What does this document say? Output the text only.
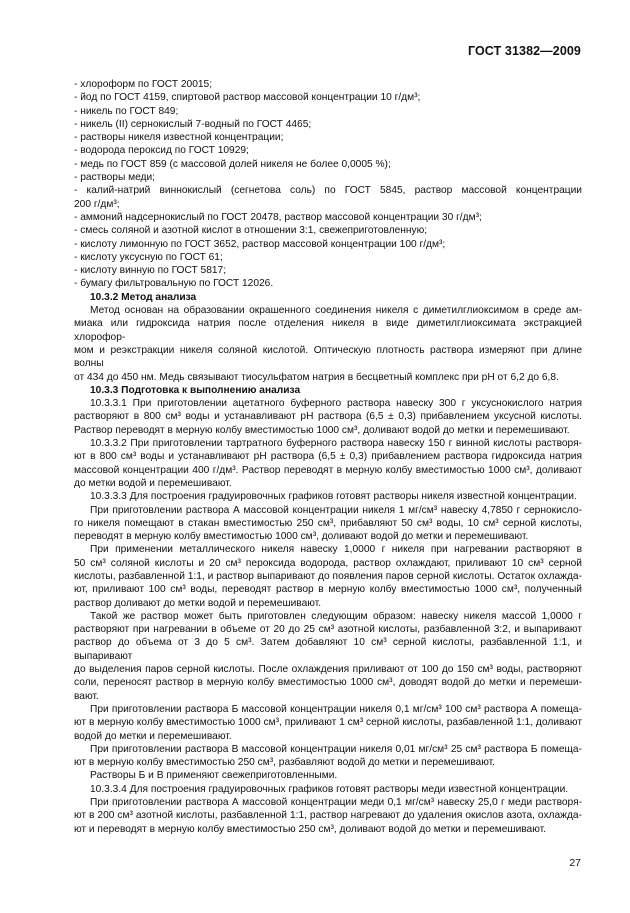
ГОСТ 31382—2009
- хлороформ по ГОСТ 20015;
- йод по ГОСТ 4159, спиртовой раствор массовой концентрации 10 г/дм³;
- никель по ГОСТ 849;
- никель (II) сернокислый 7-водный по ГОСТ 4465;
- растворы никеля известной концентрации;
- водорода пероксид по ГОСТ 10929;
- медь по ГОСТ 859 (с массовой долей никеля не более 0,0005 %);
- растворы меди;
- калий-натрий виннокислый (сегнетова соль) по ГОСТ 5845, раствор массовой концентрации
200 г/дм³;
- аммоний надсернокислый по ГОСТ 20478, раствор массовой концентрации 30 г/дм³;
- смесь соляной и азотной кислот в отношении 3:1, свежеприготовленную;
- кислоту лимонную по ГОСТ 3652, раствор массовой концентрации 100 г/дм³;
- кислоту уксусную по ГОСТ 61;
- кислоту винную по ГОСТ 5817;
- бумагу фильтровальную по ГОСТ 12026.
10.3.2 Метод анализа
Метод основан на образовании окрашенного соединения никеля с диметилглиоксимом в среде ам-
миака или гидроксида натрия после отделения никеля в виде диметилглиоксимата экстракцией хлорофор-
мом и реэкстракции никеля соляной кислотой. Оптическую плотность раствора измеряют при длине волны
от 434 до 450 нм. Медь связывают тиосульфатом натрия в бесцветный комплекс при pH от 6,2 до 6,8.
10.3.3 Подготовка к выполнению анализа
10.3.3.1 При приготовлении ацетатного буферного раствора навеску 300 г уксуснокислого натрия
растворяют в 800 см³ воды и устанавливают pH раствора (6,5 ± 0,3) прибавлением уксусной кислоты.
Раствор переводят в мерную колбу вместимостью 1000 см³, доливают водой до метки и перемешивают.
10.3.3.2 При приготовлении тартратного буферного раствора навеску 150 г винной кислоты растворя-
ют в 800 см³ воды и устанавливают pH раствора (6,5 ± 0,3) прибавлением раствора гидроксида натрия
массовой концентрации 400 г/дм³. Раствор переводят в мерную колбу вместимостью 1000 см³, доливают
до метки водой и перемешивают.
10.3.3.3 Для построения градуировочных графиков готовят растворы никеля известной концентрации.
При приготовлении раствора А массовой концентрации никеля 1 мг/см³ навеску 4,7850 г сернокисло-
го никеля помещают в стакан вместимостью 250 см³, прибавляют 50 см³ воды, 10 см³ серной кислоты,
переводят в мерную колбу вместимостью 1000 см³, доливают водой до метки и перемешивают.
При применении металлического никеля навеску 1,0000 г никеля при нагревании растворяют в
50 см³ соляной кислоты и 20 см³ пероксида водорода, раствор охлаждают, приливают 10 см³ серной
кислоты, разбавленной 1:1, и раствор выпаривают до появления паров серной кислоты. Остаток охлажда-
ют, приливают 100 см³ воды, переводят раствор в мерную колбу вместимостью 1000 см³, полученный
раствор доливают до метки водой и перемешивают.
Такой же раствор может быть приготовлен следующим образом: навеску никеля массой 1,0000 г
растворяют при нагревании в объеме от 20 до 25 см³ азотной кислоты, разбавленной 3:2, и выпаривают
раствор до объема от 3 до 5 см³. Затем добавляют 10 см³ серной кислоты, разбавленной 1:1, и выпаривают
до выделения паров серной кислоты. После охлаждения приливают от 100 до 150 см³ воды, растворяют
соли, переносят раствор в мерную колбу вместимостью 1000 см³, доводят водой до метки и перемеши-
вают.
При приготовлении раствора Б массовой концентрации никеля 0,1 мг/см³ 100 см³ раствора А помеща-
ют в мерную колбу вместимостью 1000 см³, приливают 1 см³ серной кислоты, разбавленной 1:1, доливают
водой до метки и перемешивают.
При приготовлении раствора В массовой концентрации никеля 0,01 мг/см³ 25 см³ раствора Б помеща-
ют в мерную колбу вместимостью 250 см³, разбавляют водой до метки и перемешивают.
Растворы Б и В применяют свежеприготовленными.
10.3.3.4 Для построения градуировочных графиков готовят растворы меди известной концентрации.
При приготовлении раствора А массовой концентрации меди 0,1 мг/см³ навеску 25,0 г меди растворя-
ют в 200 см³ азотной кислоты, разбавленной 1:1, раствор нагревают до удаления окислов азота, охлажда-
ют и переводят в мерную колбу вместимостью 250 см³, доливают водой до метки и перемешивают.
27
